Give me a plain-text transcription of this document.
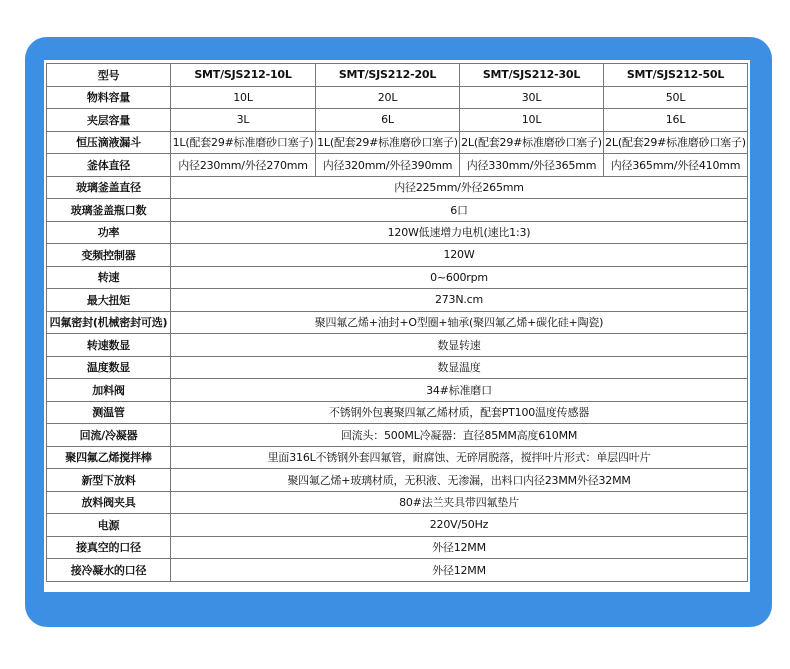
型号	SMT/SJS212-10L	SMT/SJS212-20L	SMT/SJS212-30L	SMT/SJS212-50L
物料容量	10L	20L	30L	50L
夹层容量	3L	6L	10L	16L
恒压滴液漏斗	1L(配套29#标准磨砂口塞子)	1L(配套29#标准磨砂口塞子)	2L(配套29#标准磨砂口塞子)	2L(配套29#标准磨砂口塞子)
釜体直径	内径230mm/外径270mm	内径320mm/外径390mm	内径330mm/外径365mm	内径365mm/外径410mm
玻璃釜盖直径	内径225mm/外径265mm			
玻璃釜盖瓶口数	6口			
功率	120W低速增力电机(速比1:3)			
变频控制器	120W			
转速	0~600rpm			
最大扭矩	273N.cm			
四氟密封(机械密封可选)	聚四氟乙烯+油封+O型圈+轴承(聚四氟乙烯+碳化硅+陶瓷)			
转速数显	数显转速			
温度数显	数显温度			
加料阀	34#标准磨口			
测温管	不锈钢外包裹聚四氟乙烯材质，配套PT100温度传感器			
回流/冷凝器	回流头：500ML冷凝器：直径85MM高度610MM			
聚四氟乙烯搅拌棒	里面316L不锈钢外套四氟管，耐腐蚀、无碎屑脱落，搅拌叶片形式：单层四叶片			
新型下放料	聚四氟乙烯+玻璃材质，无积液、无渗漏，出料口内径23MM外径32MM			
放料阀夹具	80#法兰夹具带四氟垫片			
电源	220V/50Hz			
接真空的口径	外径12MM			
接冷凝水的口径	外径12MM			
